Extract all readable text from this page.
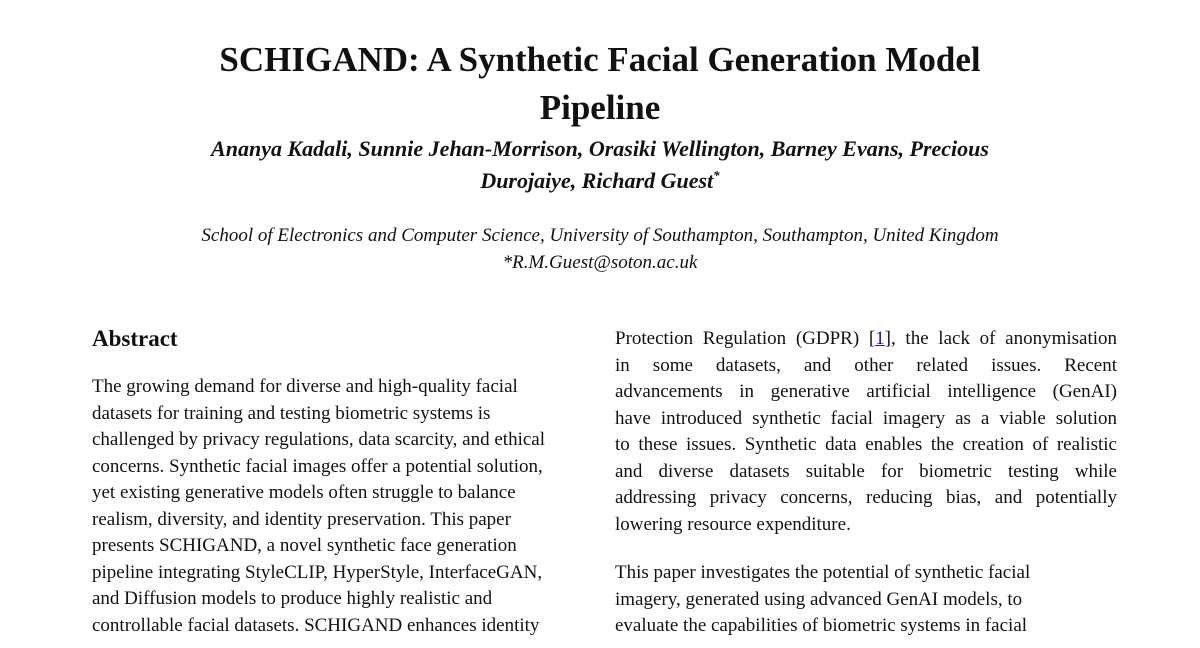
SCHIGAND: A Synthetic Facial Generation Model
Pipeline
Ananya Kadali, Sunnie Jehan-Morrison, Orasiki Wellington, Barney Evans, Precious
Durojaiye, Richard Guest*
School of Electronics and Computer Science, University of Southampton, Southampton, United Kingdom
*R.M.Guest@soton.ac.uk
Abstract
The growing demand for diverse and high-quality facial
datasets for training and testing biometric systems is
challenged by privacy regulations, data scarcity, and ethical
concerns. Synthetic facial images offer a potential solution,
yet existing generative models often struggle to balance
realism, diversity, and identity preservation. This paper
presents SCHIGAND, a novel synthetic face generation
pipeline integrating StyleCLIP, HyperStyle, InterfaceGAN,
and Diffusion models to produce highly realistic and
controllable facial datasets. SCHIGAND enhances identity
Protection Regulation (GDPR) [1], the lack of anonymisation
in some datasets, and other related issues. Recent
advancements in generative artificial intelligence (GenAI)
have introduced synthetic facial imagery as a viable solution
to these issues. Synthetic data enables the creation of realistic
and diverse datasets suitable for biometric testing while
addressing privacy concerns, reducing bias, and potentially
lowering resource expenditure.
This paper investigates the potential of synthetic facial
imagery, generated using advanced GenAI models, to
evaluate the capabilities of biometric systems in facial
